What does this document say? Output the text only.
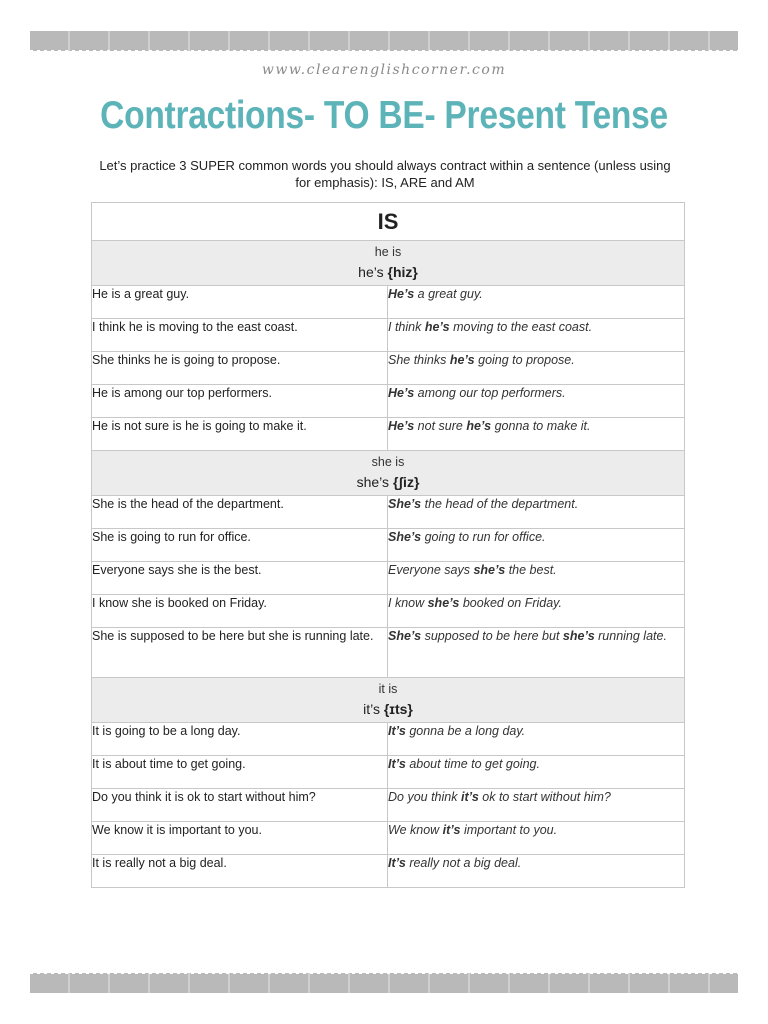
www.clearenglishcorner.com
Contractions- TO BE- Present Tense

Let’s practice 3 SUPER common words you should always contract within a sentence (unless using for emphasis): IS, ARE and AM

IS	

he is
he’s {hiz}	

He is a great guy.	He’s a great guy.
I think he is moving to the east coast.	I think he’s moving to the east coast.
She thinks he is going to propose.	She thinks he’s going to propose.
He is among our top performers.	He’s among our top performers.
He is not sure is he is going to make it.	He’s not sure he’s gonna to make it.

she is
she’s {ʃiz}	

She is the head of the department.	She’s the head of the department.
She is going to run for office.	She’s going to run for office.
Everyone says she is the best.	Everyone says she’s the best.
I know she is booked on Friday.	I know she’s booked on Friday.
She is supposed to be here but she is running late.	She’s supposed to be here but she’s running late.

it is
it’s {ɪts}	

It is going to be a long day.	It’s gonna be a long day.
It is about time to get going.	It’s about time to get going.
Do you think it is ok to start without him?	Do you think it’s ok to start without him?
We know it is important to you.	We know it’s important to you.
It is really not a big deal.	It’s really not a big deal.
